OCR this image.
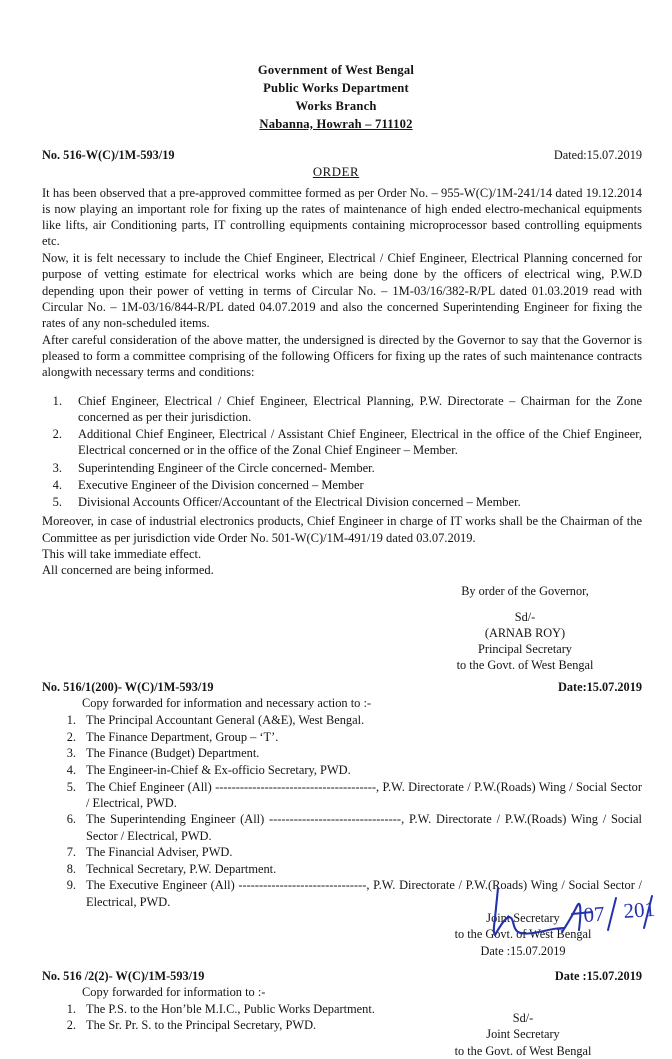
Government of West Bengal
Public Works Department
Works Branch
Nabanna, Howrah – 711102
No. 516-W(C)/1M-593/19	Dated:15.07.2019
ORDER

It has been observed that a pre-approved committee formed as per Order No. – 955-W(C)/1M-241/14 dated 19.12.2014 is now playing an important role for fixing up the rates of maintenance of high ended electro-mechanical equipments like lifts, air Conditioning parts, IT controlling equipments containing microprocessor based controlling equipments etc.

Now, it is felt necessary to include the Chief Engineer, Electrical / Chief Engineer, Electrical Planning concerned for purpose of vetting estimate for electrical works which are being done by the officers of electrical wing, P.W.D depending upon their power of vetting in terms of Circular No. – 1M-03/16/382-R/PL dated 01.03.2019 read with Circular No. – 1M-03/16/844-R/PL dated 04.07.2019 and also the concerned Superintending Engineer for fixing the rates of any non-scheduled items.

After careful consideration of the above matter, the undersigned is directed by the Governor to say that the Governor is pleased to form a committee comprising of the following Officers for fixing up the rates of such maintenance contracts alongwith necessary terms and conditions:

1.	Chief Engineer, Electrical / Chief Engineer, Electrical Planning, P.W. Directorate – Chairman for the Zone concerned as per their jurisdiction.
2.	Additional Chief Engineer, Electrical / Assistant Chief Engineer, Electrical in the office of the Chief Engineer, Electrical concerned or in the office of the Zonal Chief Engineer – Member.
3.	Superintending Engineer of the Circle concerned- Member.
4.	Executive Engineer of the Division concerned – Member
5.	Divisional Accounts Officer/Accountant of the Electrical Division concerned – Member.

Moreover, in case of industrial electronics products, Chief Engineer in charge of IT works shall be the Chairman of the Committee as per jurisdiction vide Order No. 501-W(C)/1M-491/19 dated 03.07.2019.

This will take immediate effect.

All concerned are being informed.

By order of the Governor,
Sd/-
(ARNAB ROY)
Principal Secretary
to the Govt. of West Bengal
No. 516/1(200)- W(C)/1M-593/19	Date:15.07.2019
Copy forwarded for information and necessary action to :-
1. The Principal Accountant General (A&E), West Bengal.
2. The Finance Department, Group – ‘T’.
3. The Finance (Budget) Department.
4. The Engineer-in-Chief & Ex-officio Secretary, PWD.
5. The Chief Engineer (All) ---------------------------------------, P.W. Directorate / P.W.(Roads) Wing / Social Sector / Electrical, PWD.
6. The Superintending Engineer (All) --------------------------------, P.W. Directorate / P.W.(Roads) Wing / Social Sector / Electrical, PWD.
7. The Financial Adviser, PWD.
8. Technical Secretary, P.W. Department.
9. The Executive Engineer (All) -------------------------------, P.W. Directorate / P.W.(Roads) Wing / Social Sector / Electrical, PWD.
Joint Secretary
to the Govt. of West Bengal
Date :15.07.2019
07 201
No. 516 /2(2)- W(C)/1M-593/19	Date :15.07.2019
Copy forwarded for information to :-
1. The P.S. to the Hon’ble M.I.C., Public Works Department.
2. The Sr. Pr. S. to the Principal Secretary, PWD.
Sd/-
Joint Secretary
to the Govt. of West Bengal
